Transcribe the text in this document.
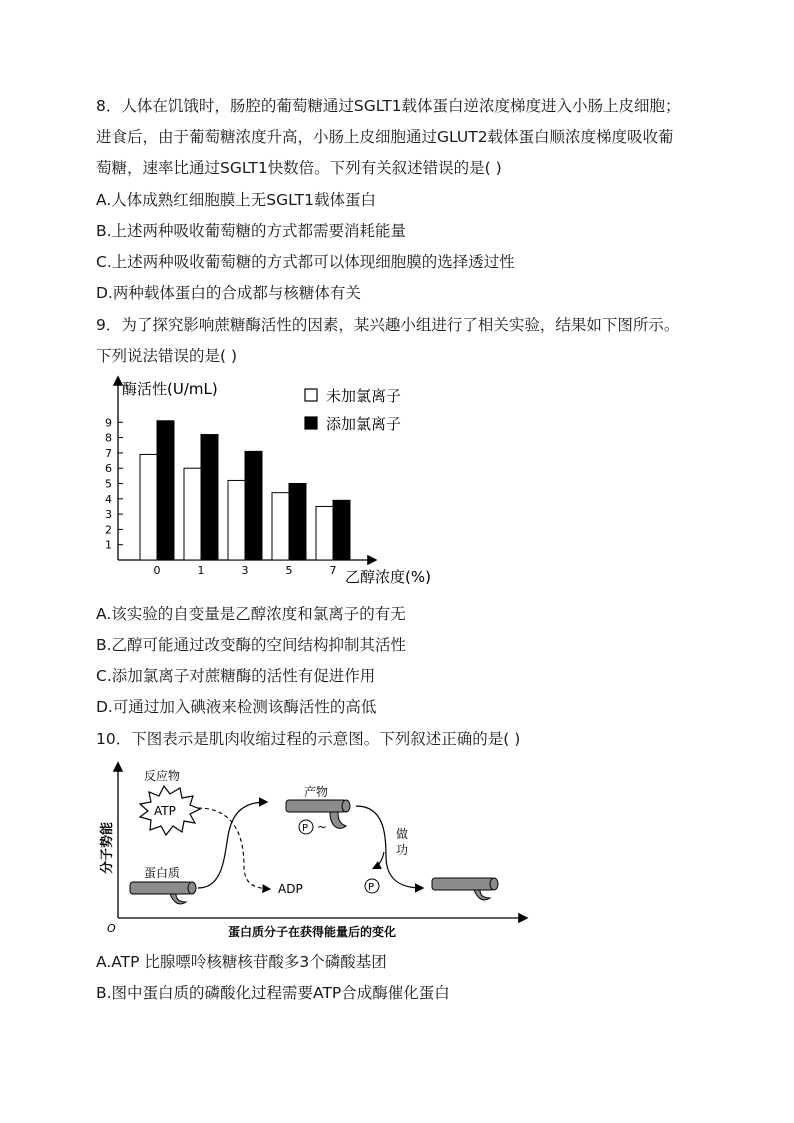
8．人体在饥饿时，肠腔的葡萄糖通过SGLT1载体蛋白逆浓度梯度进入小肠上皮细胞；
进食后，由于葡萄糖浓度升高，小肠上皮细胞通过GLUT2载体蛋白顺浓度梯度吸收葡
萄糖，速率比通过SGLT1快数倍。下列有关叙述错误的是( )
A.人体成熟红细胞膜上无SGLT1载体蛋白
B.上述两种吸收葡萄糖的方式都需要消耗能量
C.上述两种吸收葡萄糖的方式都可以体现细胞膜的选择透过性
D.两种载体蛋白的合成都与核糖体有关
9．为了探究影响蔗糖酶活性的因素，某兴趣小组进行了相关实验，结果如下图所示。
下列说法错误的是( )
1
2
3
4
5
6
7
8
9
0	1	3	5	7
酶活性(U/mL)
乙醇浓度(%)
未加氯离子
添加氯离子
A.该实验的自变量是乙醇浓度和氯离子的有无
B.乙醇可能通过改变酶的空间结构抑制其活性
C.添加氯离子对蔗糖酶的活性有促进作用
D.可通过加入碘液来检测该酶活性的高低
10．下图表示是肌肉收缩过程的示意图。下列叙述正确的是( )
O
分子势能
反应物
ATP
ADP
蛋白质
产物
P ~	做
功
P
蛋白质分子在获得能量后的变化
A.ATP 比腺嘌呤核糖核苷酸多3个磷酸基团
B.图中蛋白质的磷酸化过程需要ATP合成酶催化蛋白
